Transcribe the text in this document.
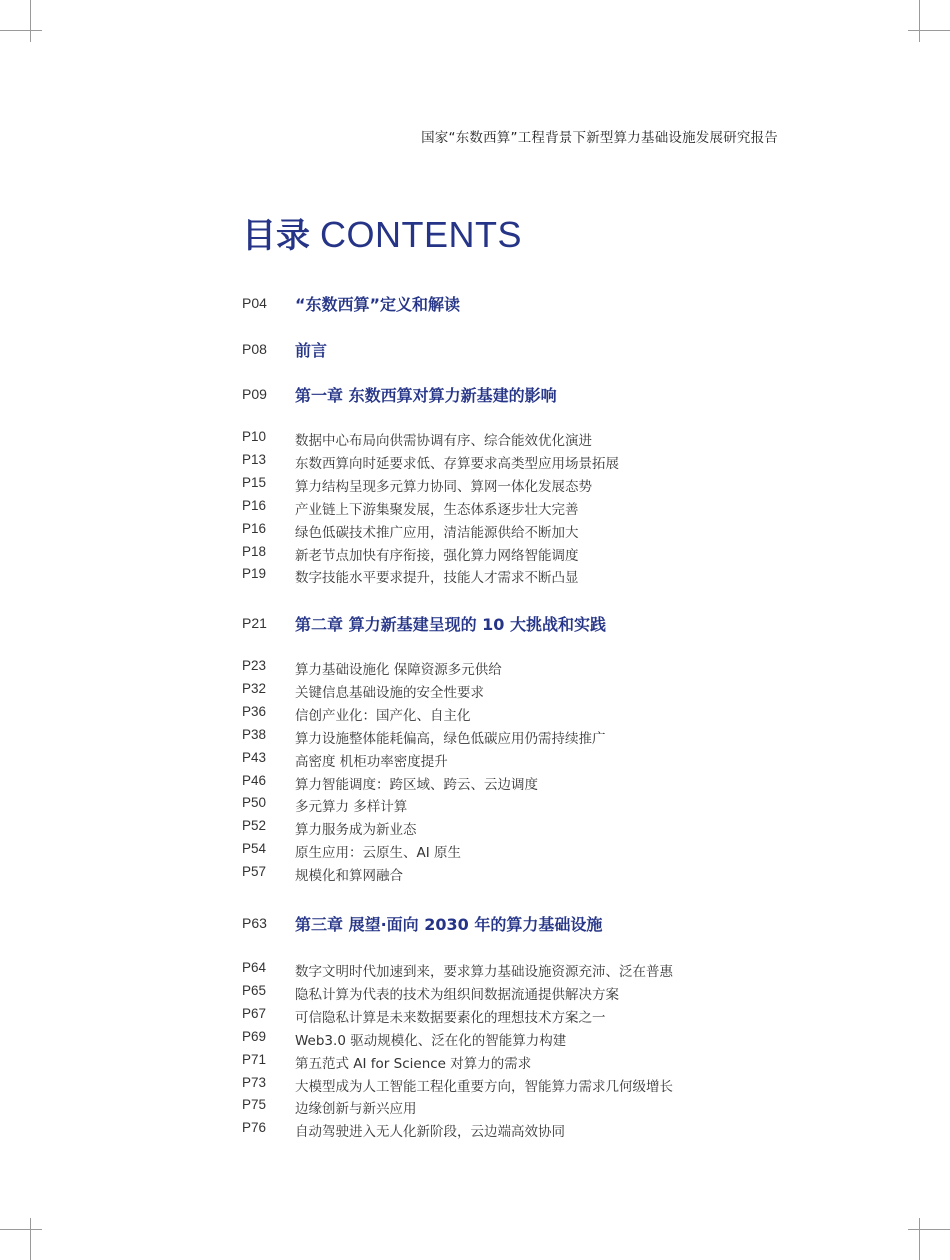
国家“东数西算”工程背景下新型算力基础设施发展研究报告
目录 CONTENTS
P04	“东数西算”定义和解读
P08	前言
P09	第一章 东数西算对算力新基建的影响
P10	数据中心布局向供需协调有序、综合能效优化演进
P13	东数西算向时延要求低、存算要求高类型应用场景拓展
P15	算力结构呈现多元算力协同、算网一体化发展态势
P16	产业链上下游集聚发展，生态体系逐步壮大完善
P16	绿色低碳技术推广应用，清洁能源供给不断加大
P18	新老节点加快有序衔接，强化算力网络智能调度
P19	数字技能水平要求提升，技能人才需求不断凸显
P21	第二章 算力新基建呈现的 10 大挑战和实践
P23	算力基础设施化 保障资源多元供给
P32	关键信息基础设施的安全性要求
P36	信创产业化：国产化、自主化
P38	算力设施整体能耗偏高，绿色低碳应用仍需持续推广
P43	高密度 机柜功率密度提升
P46	算力智能调度：跨区域、跨云、云边调度
P50	多元算力 多样计算
P52	算力服务成为新业态
P54	原生应用：云原生、AI 原生
P57	规模化和算网融合
P63	第三章 展望·面向 2030 年的算力基础设施
P64	数字文明时代加速到来，要求算力基础设施资源充沛、泛在普惠
P65	隐私计算为代表的技术为组织间数据流通提供解决方案
P67	可信隐私计算是未来数据要素化的理想技术方案之一
P69	Web3.0 驱动规模化、泛在化的智能算力构建
P71	第五范式 AI for Science 对算力的需求
P73	大模型成为人工智能工程化重要方向，智能算力需求几何级增长
P75	边缘创新与新兴应用
P76	自动驾驶进入无人化新阶段，云边端高效协同
